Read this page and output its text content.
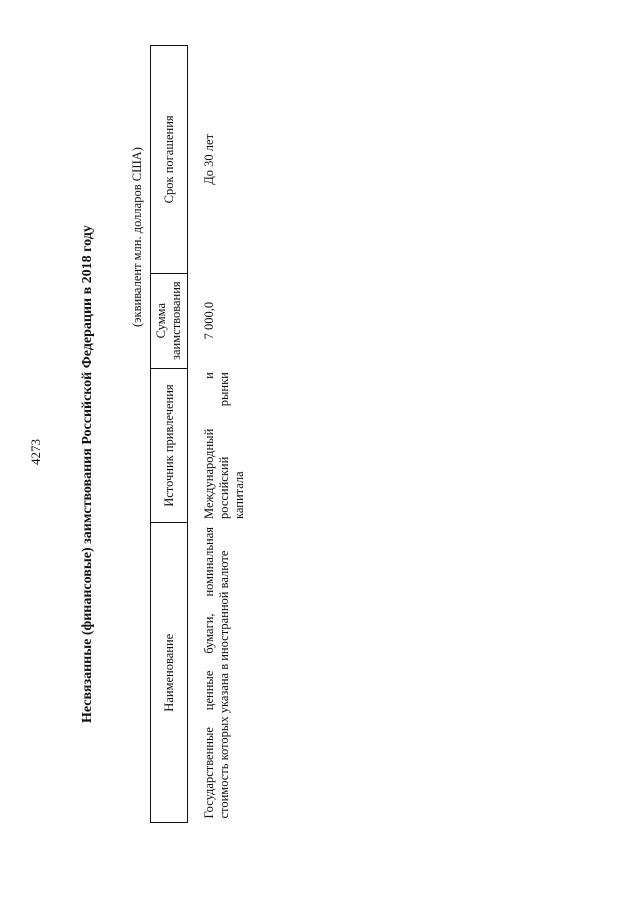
4273	Несвязанные (финансовые) заимствования Российской Федерации в 2018 году	(эквивалент млн. долларов США)
Наименование	Источник привлечения	Сумма заимствования	Срок погашения
Государственные ценные бумаги, номинальная стоимость которых указана в иностранной валюте	Международный и российский рынки капитала	7 000,0	До 30 лет
